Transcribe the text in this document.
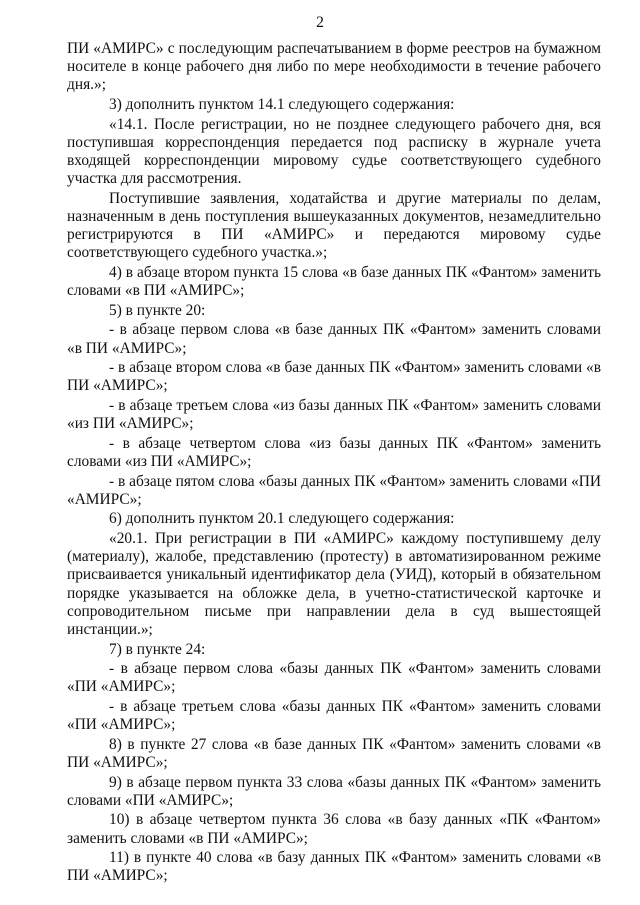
2

ПИ «АМИРС» с последующим распечатыванием в форме реестров на бумажном носителе в конце рабочего дня либо по мере необходимости в течение рабочего дня.»;

3) дополнить пунктом 14.1 следующего содержания:

«14.1. После регистрации, но не позднее следующего рабочего дня, вся поступившая корреспонденция передается под расписку в журнале учета входящей корреспонденции мировому судье соответствующего судебного участка для рассмотрения.

Поступившие заявления, ходатайства и другие материалы по делам, назначенным в день поступления вышеуказанных документов, незамедлительно регистрируются в ПИ «АМИРС» и передаются мировому судье соответствующего судебного участка.»;

4) в абзаце втором пункта 15 слова «в базе данных ПК «Фантом» заменить словами «в ПИ «АМИРС»;

5) в пункте 20:

- в абзаце первом слова «в базе данных ПК «Фантом» заменить словами «в ПИ «АМИРС»;

- в абзаце втором слова «в базе данных ПК «Фантом» заменить словами «в ПИ «АМИРС»;

- в абзаце третьем слова «из базы данных ПК «Фантом» заменить словами «из ПИ «АМИРС»;

- в абзаце четвертом слова «из базы данных ПК «Фантом» заменить словами «из ПИ «АМИРС»;

- в абзаце пятом слова «базы данных ПК «Фантом» заменить словами «ПИ «АМИРС»;

6) дополнить пунктом 20.1 следующего содержания:

«20.1. При регистрации в ПИ «АМИРС» каждому поступившему делу (материалу), жалобе, представлению (протесту) в автоматизированном режиме присваивается уникальный идентификатор дела (УИД), который в обязательном порядке указывается на обложке дела, в учетно-статистической карточке и сопроводительном письме при направлении дела в суд вышестоящей инстанции.»;

7) в пункте 24:

- в абзаце первом слова «базы данных ПК «Фантом» заменить словами «ПИ «АМИРС»;

- в абзаце третьем слова «базы данных ПК «Фантом» заменить словами «ПИ «АМИРС»;

8) в пункте 27 слова «в базе данных ПК «Фантом» заменить словами «в ПИ «АМИРС»;

9) в абзаце первом пункта 33 слова «базы данных ПК «Фантом» заменить словами «ПИ «АМИРС»;

10) в абзаце четвертом пункта 36 слова «в базу данных «ПК «Фантом» заменить словами «в ПИ «АМИРС»;

11) в пункте 40 слова «в базу данных ПК «Фантом» заменить словами «в ПИ «АМИРС»;
